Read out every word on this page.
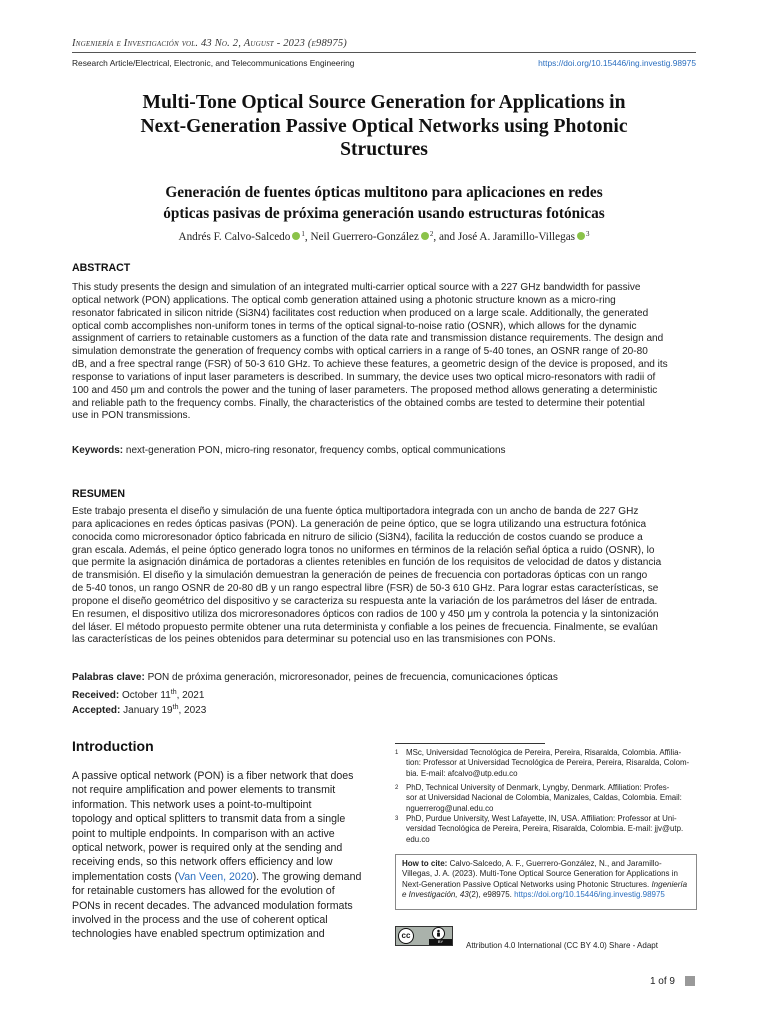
Ingeniería e Investigación vol. 43 No. 2, August - 2023 (e98975)
Research Article/Electrical, Electronic, and Telecommunications Engineering	https://doi.org/10.15446/ing.investig.98975
Multi-Tone Optical Source Generation for Applications in
Next-Generation Passive Optical Networks using Photonic
Structures
Generación de fuentes ópticas multitono para aplicaciones en redes
ópticas pasivas de próxima generación usando estructuras fotónicas
Andrés F. Calvo-Salcedo $^1$, Neil Guerrero-González $^2$, and José A. Jaramillo-Villegas $^3$
ABSTRACT
This study presents the design and simulation of an integrated multi-carrier optical source with a 227 GHz bandwidth for passive
optical network (PON) applications. The optical comb generation attained using a photonic structure known as a micro-ring
resonator fabricated in silicon nitride (Si3N4) facilitates cost reduction when produced on a large scale. Additionally, the generated
optical comb accomplishes non-uniform tones in terms of the optical signal-to-noise ratio (OSNR), which allows for the dynamic
assignment of carriers to retainable customers as a function of the data rate and transmission distance requirements. The design and
simulation demonstrate the generation of frequency combs with optical carriers in a range of 5-40 tones, an OSNR range of 20-80
dB, and a free spectral range (FSR) of 50-3 610 GHz. To achieve these features, a geometric design of the device is proposed, and its
response to variations of input laser parameters is described. In summary, the device uses two optical micro-resonators with radii of
100 and 450 μm and controls the power and the tuning of laser parameters. The proposed method allows generating a deterministic
and reliable path to the frequency combs. Finally, the characteristics of the obtained combs are tested to determine their potential
use in PON transmissions.
Keywords: next-generation PON, micro-ring resonator, frequency combs, optical communications
RESUMEN
Este trabajo presenta el diseño y simulación de una fuente óptica multiportadora integrada con un ancho de banda de 227 GHz
para aplicaciones en redes ópticas pasivas (PON). La generación de peine óptico, que se logra utilizando una estructura fotónica
conocida como microresonador óptico fabricada en nitruro de silicio (Si3N4), facilita la reducción de costos cuando se produce a
gran escala. Además, el peine óptico generado logra tonos no uniformes en términos de la relación señal óptica a ruido (OSNR), lo
que permite la asignación dinámica de portadoras a clientes retenibles en función de los requisitos de velocidad de datos y distancia
de transmisión. El diseño y la simulación demuestran la generación de peines de frecuencia con portadoras ópticas con un rango
de 5-40 tonos, un rango OSNR de 20-80 dB y un rango espectral libre (FSR) de 50-3 610 GHz. Para lograr estas características, se
propone el diseño geométrico del dispositivo y se caracteriza su respuesta ante la variación de los parámetros del láser de entrada.
En resumen, el dispositivo utiliza dos microresonadores ópticos con radios de 100 y 450 μm y controla la potencia y la sintonización
del láser. El método propuesto permite obtener una ruta determinista y confiable a los peines de frecuencia. Finalmente, se evalúan
las características de los peines obtenidos para determinar su potencial uso en las transmisiones con PONs.
Palabras clave: PON de próxima generación, microresonador, peines de frecuencia, comunicaciones ópticas
Received: October 11th, 2021
Accepted: January 19th, 2023
Introduction
A passive optical network (PON) is a fiber network that does
not require amplification and power elements to transmit
information. This network uses a point-to-multipoint
topology and optical splitters to transmit data from a single
point to multiple endpoints. In comparison with an active
optical network, power is required only at the sending and
receiving ends, so this network offers efficiency and low
implementation costs (Van Veen, 2020). The growing demand
for retainable customers has allowed for the evolution of
PONs in recent decades. The advanced modulation formats
involved in the process and the use of coherent optical
technologies have enabled spectrum optimization and
1 MSc, Universidad Tecnológica de Pereira, Pereira, Risaralda, Colombia. Affilia-
tion: Professor at Universidad Tecnológica de Pereira, Pereira, Risaralda, Colom-
bia. E-mail: afcalvo@utp.edu.co
2 PhD, Technical University of Denmark, Lyngby, Denmark. Affiliation: Profes-
sor at Universidad Nacional de Colombia, Manizales, Caldas, Colombia. Email:
nguerrerog@unal.edu.co
3 PhD, Purdue University, West Lafayette, IN, USA. Affiliation: Professor at Uni-
versidad Tecnológica de Pereira, Pereira, Risaralda, Colombia. E-mail: jjv@utp.
edu.co
How to cite: Calvo-Salcedo, A. F., Guerrero-González, N., and Jaramillo-
Villegas, J. A. (2023). Multi-Tone Optical Source Generation for Applications in
Next-Generation Passive Optical Networks using Photonic Structures. Ingeniería
e Investigación, 43(2), e98975. https://doi.org/10.15446/ing.investig.98975
cc
BY	Attribution 4.0 International (CC BY 4.0) Share - Adapt
1 of 9
